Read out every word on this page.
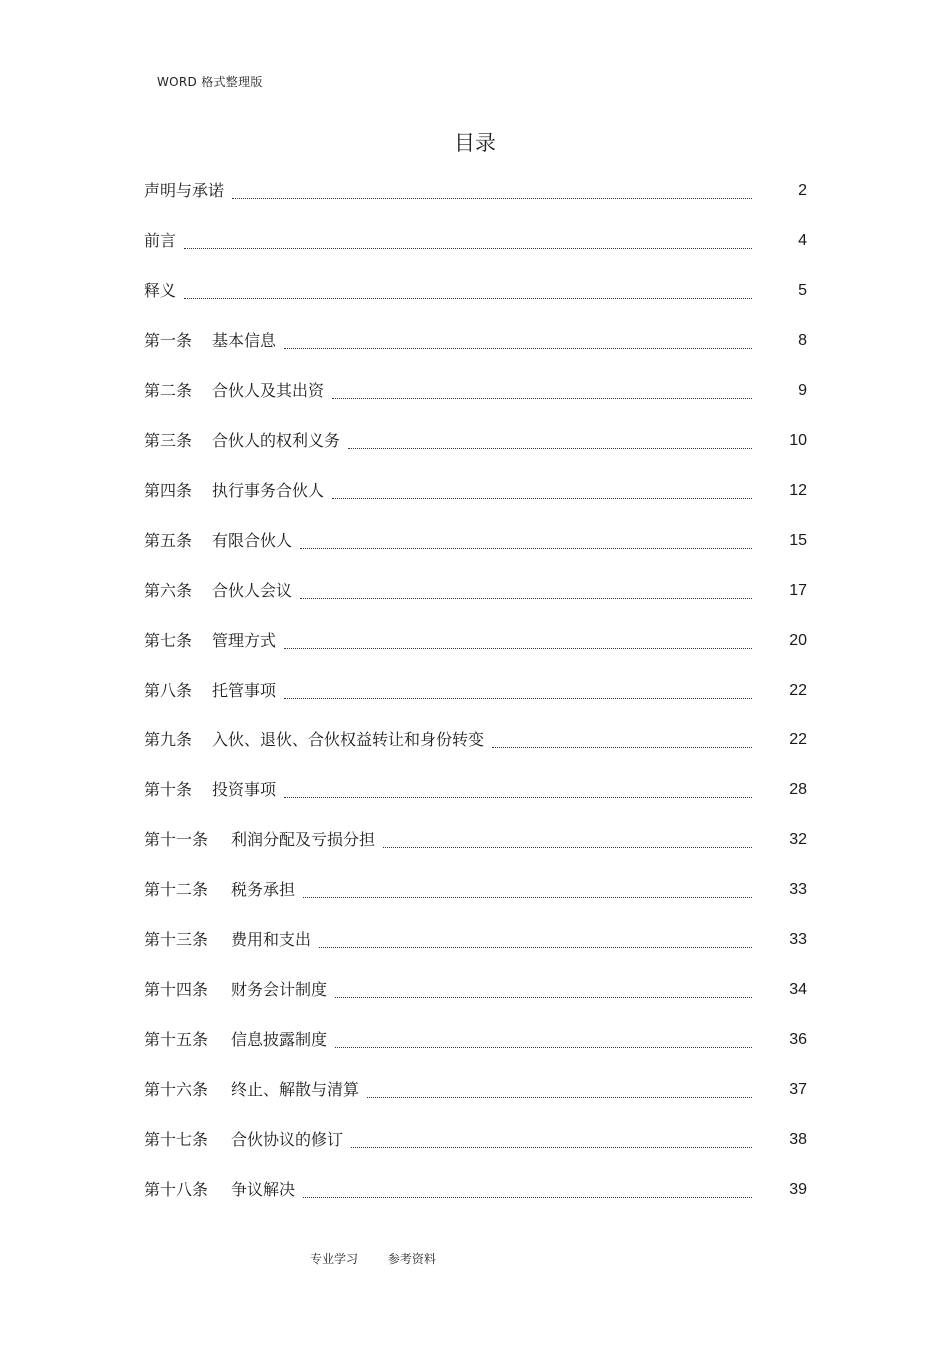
WORD 格式整理版
目录
声明与承诺	2
前言	4
释义	5
第一条 基本信息	8
第二条 合伙人及其出资	9
第三条 合伙人的权利义务	10
第四条 执行事务合伙人	12
第五条 有限合伙人	15
第六条 合伙人会议	17
第七条 管理方式	20
第八条 托管事项	22
第九条 入伙、退伙、合伙权益转让和身份转变	22
第十条 投资事项	28
第十一条 利润分配及亏损分担	32
第十二条 税务承担	33
第十三条 费用和支出	33
第十四条 财务会计制度	34
第十五条 信息披露制度	36
第十六条 终止、解散与清算	37
第十七条 合伙协议的修订	38
第十八条 争议解决	39
专业学习 参考资料
